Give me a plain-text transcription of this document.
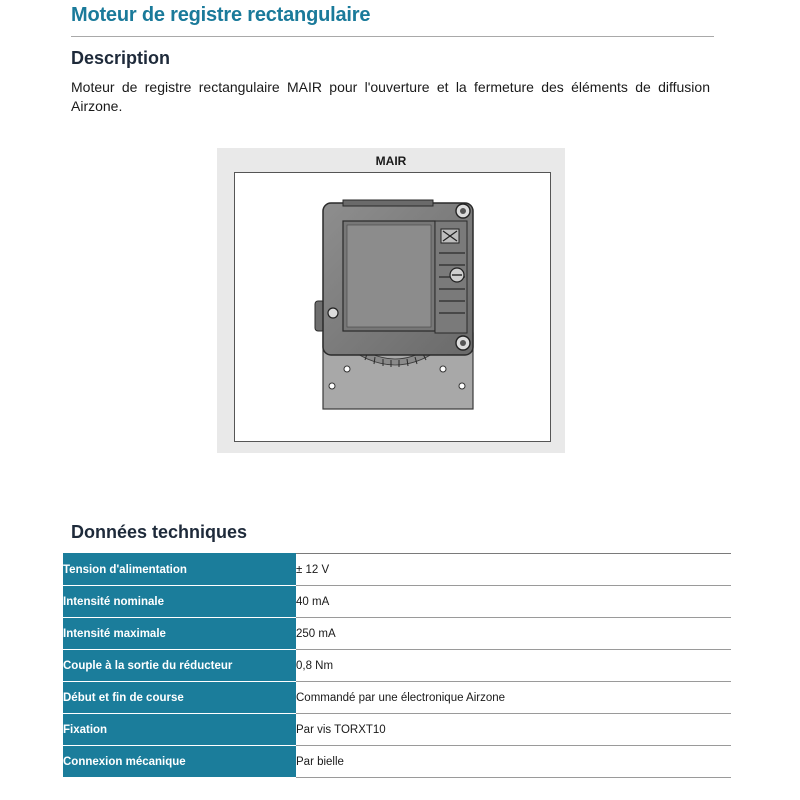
Moteur de registre rectangulaire
Description

Moteur de registre rectangulaire MAIR pour l'ouverture et la fermeture des éléments de diffusion Airzone.

MAIR
Données techniques
Tension d'alimentation	± 12 V
Intensité nominale	40 mA
Intensité maximale	250 mA
Couple à la sortie du réducteur	0,8 Nm
Début et fin de course	Commandé par une électronique Airzone
Fixation	Par vis TORXT10
Connexion mécanique	Par bielle
